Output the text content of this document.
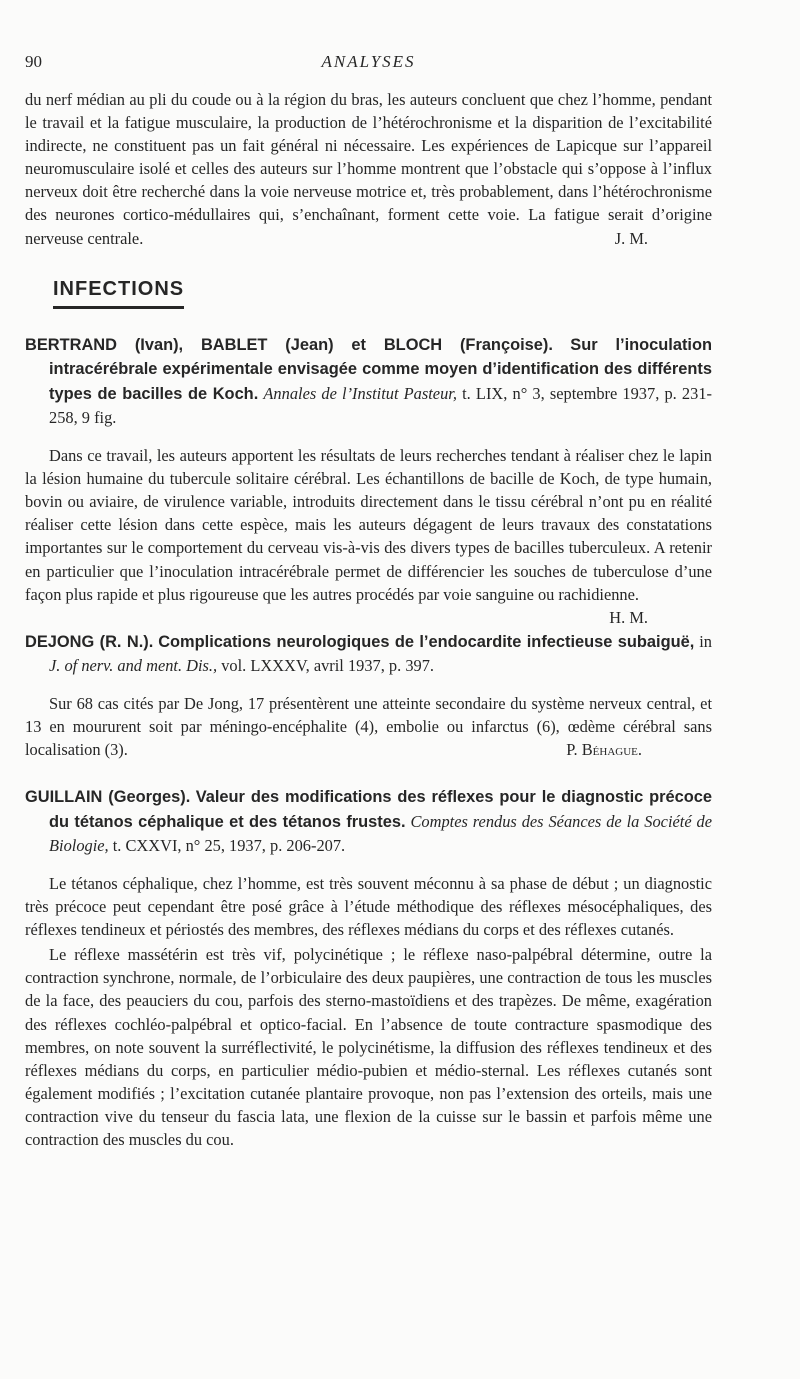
90	ANALYSES

du nerf médian au pli du coude ou à la région du bras, les auteurs concluent que chez l’homme, pendant le travail et la fatigue musculaire, la production de l’hétérochronisme et la disparition de l’excitabilité indirecte, ne constituent pas un fait général ni nécessaire. Les expériences de Lapicque sur l’appareil neuromusculaire isolé et celles des auteurs sur l’homme montrent que l’obstacle qui s’oppose à l’influx nerveux doit être recherché dans la voie nerveuse motrice et, très probablement, dans l’hétérochronisme des neurones cortico-médullaires qui, s’enchaînant, forment cette voie. La fatigue serait d’origine nerveuse centrale.	J. M.

INFECTIONS

BERTRAND (Ivan), BABLET (Jean) et BLOCH (Françoise). Sur l’inoculation intracérébrale expérimentale envisagée comme moyen d’identification des différents types de bacilles de Koch. Annales de l’Institut Pasteur, t. LIX, n° 3, septembre 1937, p. 231-258, 9 fig.

Dans ce travail, les auteurs apportent les résultats de leurs recherches tendant à réaliser chez le lapin la lésion humaine du tubercule solitaire cérébral. Les échantillons de bacille de Koch, de type humain, bovin ou aviaire, de virulence variable, introduits directement dans le tissu cérébral n’ont pu en réalité réaliser cette lésion dans cette espèce, mais les auteurs dégagent de leurs travaux des constatations importantes sur le comportement du cerveau vis-à-vis des divers types de bacilles tuberculeux. A retenir en particulier que l’inoculation intracérébrale permet de différencier les souches de tuberculose d’une façon plus rapide et plus rigoureuse que les autres procédés par voie sanguine ou rachidienne.
H. M.

DEJONG (R. N.). Complications neurologiques de l’endocardite infectieuse subaiguë, in J. of nerv. and ment. Dis., vol. LXXXV, avril 1937, p. 397.

Sur 68 cas cités par De Jong, 17 présentèrent une atteinte secondaire du système nerveux central, et 13 en moururent soit par méningo-encéphalite (4), embolie ou infarctus (6), œdème cérébral sans localisation (3).	P. Béhague.

GUILLAIN (Georges). Valeur des modifications des réflexes pour le diagnostic précoce du tétanos céphalique et des tétanos frustes. Comptes rendus des Séances de la Société de Biologie, t. CXXVI, n° 25, 1937, p. 206-207.

Le tétanos céphalique, chez l’homme, est très souvent méconnu à sa phase de début ; un diagnostic très précoce peut cependant être posé grâce à l’étude méthodique des réflexes mésocéphaliques, des réflexes tendineux et périostés des membres, des réflexes médians du corps et des réflexes cutanés.

Le réflexe massétérin est très vif, polycinétique ; le réflexe naso-palpébral détermine, outre la contraction synchrone, normale, de l’orbiculaire des deux paupières, une contraction de tous les muscles de la face, des peauciers du cou, parfois des sterno-mastoïdiens et des trapèzes. De même, exagération des réflexes cochléo-palpébral et optico-facial. En l’absence de toute contracture spasmodique des membres, on note souvent la surréflectivité, le polycinétisme, la diffusion des réflexes tendineux et des réflexes médians du corps, en particulier médio-pubien et médio-sternal. Les réflexes cutanés sont également modifiés ; l’excitation cutanée plantaire provoque, non pas l’extension des orteils, mais une contraction vive du tenseur du fascia lata, une flexion de la cuisse sur le bassin et parfois même une contraction des muscles du cou.
